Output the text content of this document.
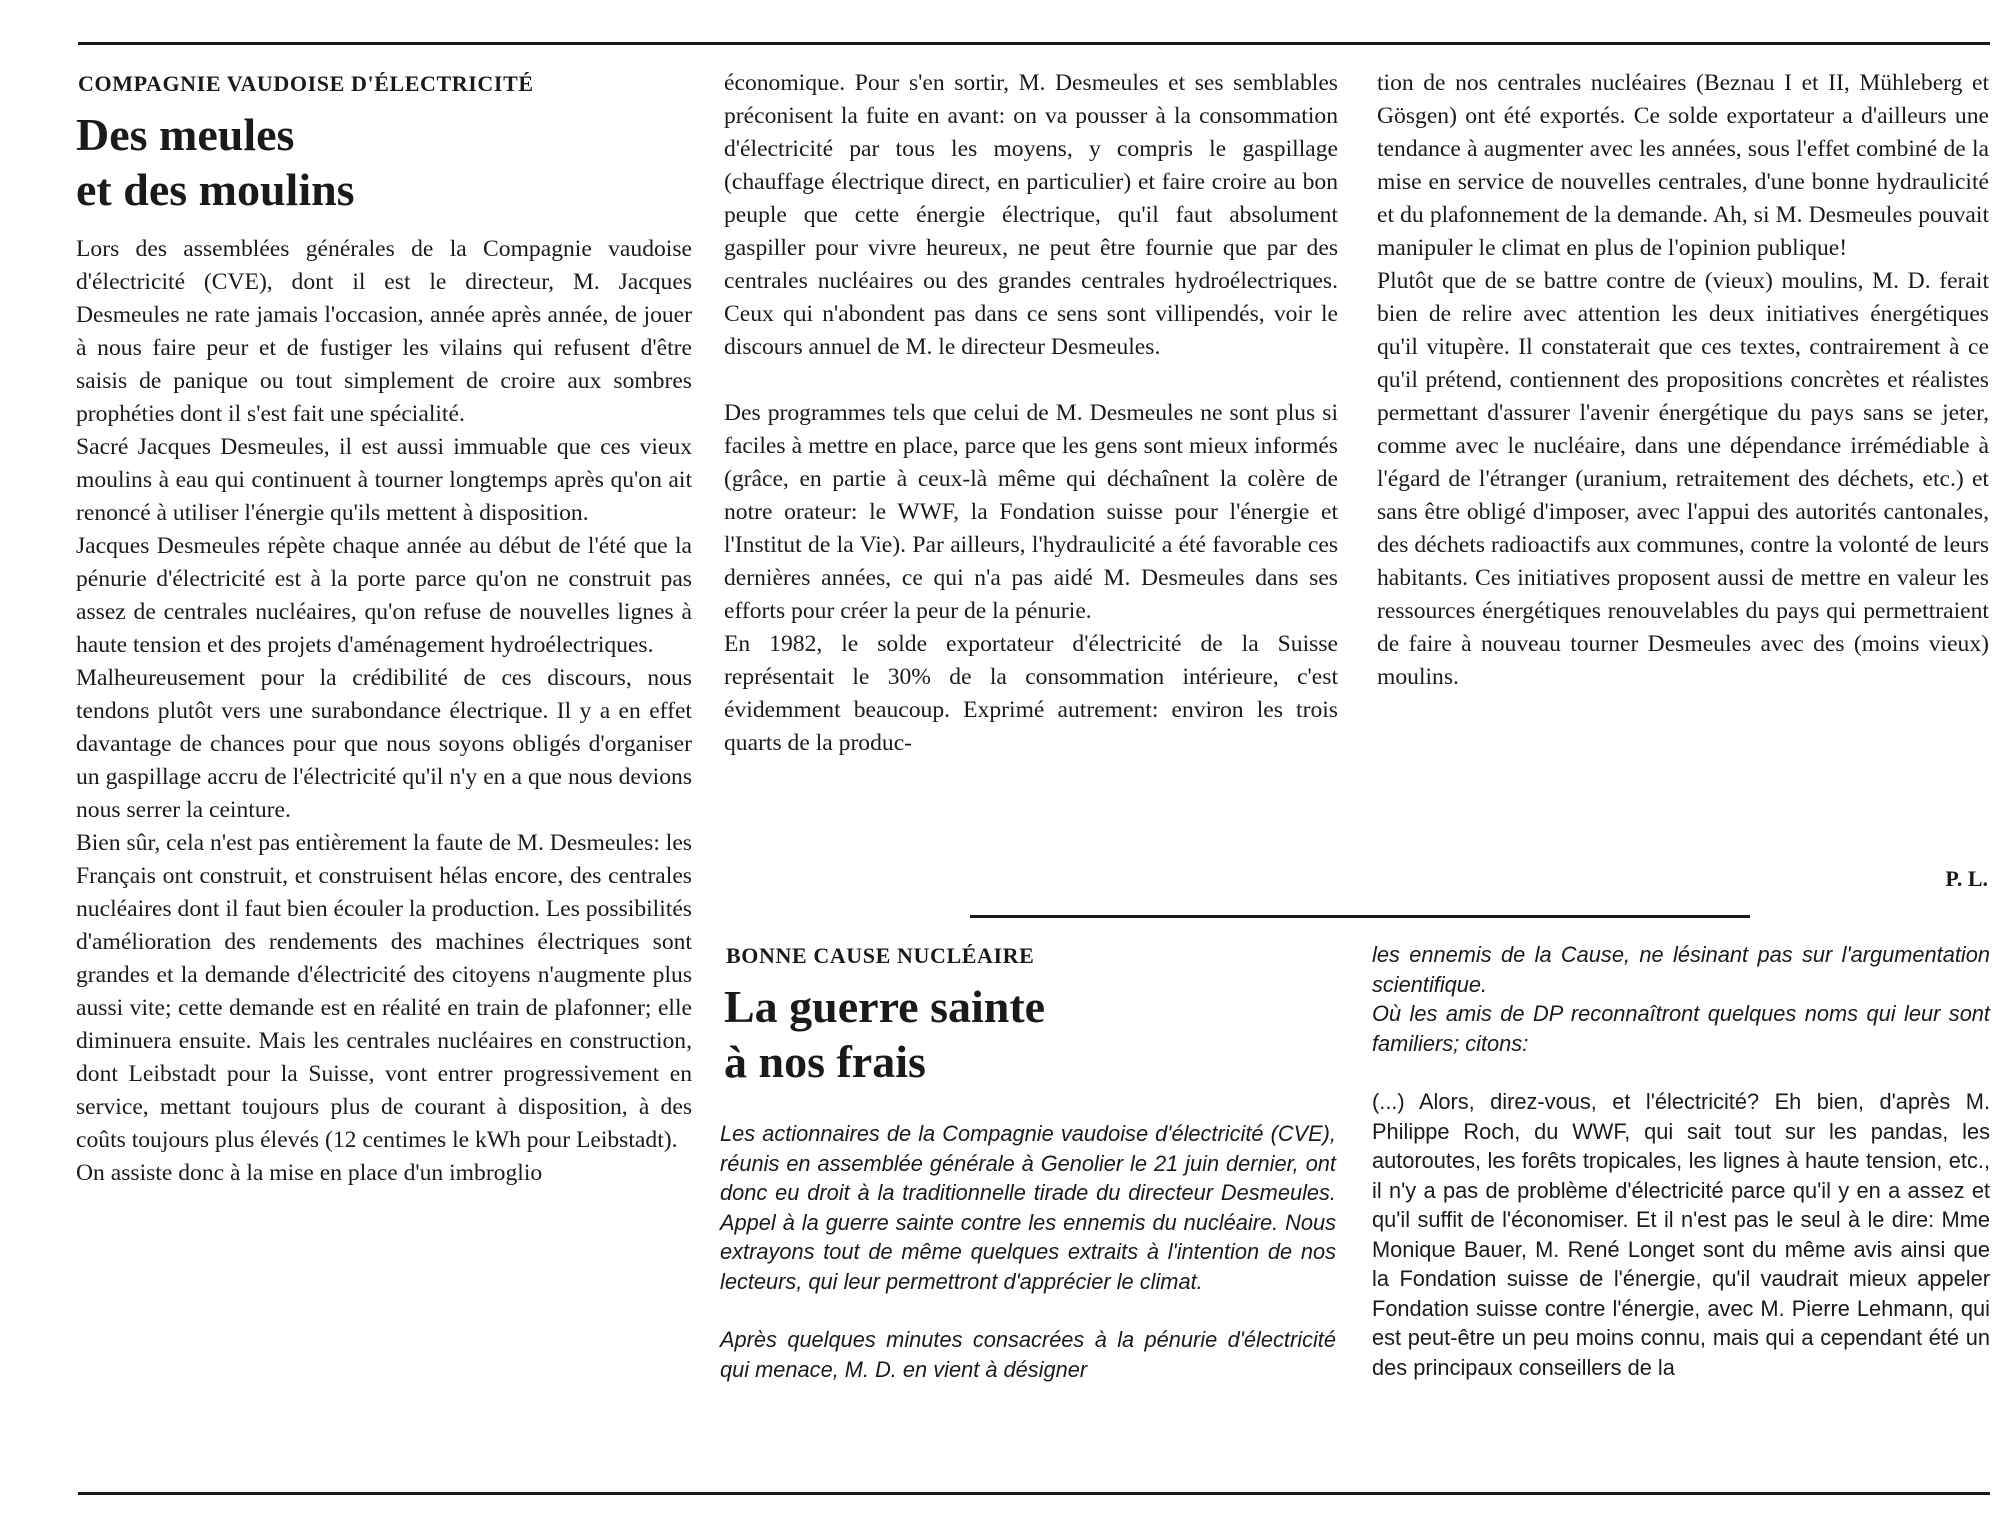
COMPAGNIE VAUDOISE D'ÉLECTRICITÉ
Des meules
et des moulins

Lors des assemblées générales de la Compagnie vaudoise d'électricité (CVE), dont il est le directeur, M. Jacques Desmeules ne rate jamais l'occasion, année après année, de jouer à nous faire peur et de fustiger les vilains qui refusent d'être saisis de panique ou tout simplement de croire aux sombres prophéties dont il s'est fait une spécialité.

Sacré Jacques Desmeules, il est aussi immuable que ces vieux moulins à eau qui continuent à tourner longtemps après qu'on ait renoncé à utiliser l'énergie qu'ils mettent à disposition.

Jacques Desmeules répète chaque année au début de l'été que la pénurie d'électricité est à la porte parce qu'on ne construit pas assez de centrales nucléaires, qu'on refuse de nouvelles lignes à haute tension et des projets d'aménagement hydroélectriques.

Malheureusement pour la crédibilité de ces discours, nous tendons plutôt vers une surabondance électrique. Il y a en effet davantage de chances pour que nous soyons obligés d'organiser un gaspillage accru de l'électricité qu'il n'y en a que nous devions nous serrer la ceinture.

Bien sûr, cela n'est pas entièrement la faute de M. Desmeules: les Français ont construit, et construisent hélas encore, des centrales nucléaires dont il faut bien écouler la production. Les possibilités d'amélioration des rendements des machines électriques sont grandes et la demande d'électricité des citoyens n'augmente plus aussi vite; cette demande est en réalité en train de plafonner; elle diminuera ensuite. Mais les centrales nucléaires en construction, dont Leibstadt pour la Suisse, vont entrer progressivement en service, mettant toujours plus de courant à disposition, à des coûts toujours plus élevés (12 centimes le kWh pour Leibstadt).

On assiste donc à la mise en place d'un imbroglio

économique. Pour s'en sortir, M. Desmeules et ses semblables préconisent la fuite en avant: on va pousser à la consommation d'électricité par tous les moyens, y compris le gaspillage (chauffage électrique direct, en particulier) et faire croire au bon peuple que cette énergie électrique, qu'il faut absolument gaspiller pour vivre heureux, ne peut être fournie que par des centrales nucléaires ou des grandes centrales hydroélectriques. Ceux qui n'abondent pas dans ce sens sont villipendés, voir le discours annuel de M. le directeur Desmeules.

Des programmes tels que celui de M. Desmeules ne sont plus si faciles à mettre en place, parce que les gens sont mieux informés (grâce, en partie à ceux-là même qui déchaînent la colère de notre orateur: le WWF, la Fondation suisse pour l'énergie et l'Institut de la Vie). Par ailleurs, l'hydraulicité a été favorable ces dernières années, ce qui n'a pas aidé M. Desmeules dans ses efforts pour créer la peur de la pénurie.

En 1982, le solde exportateur d'électricité de la Suisse représentait le 30% de la consommation intérieure, c'est évidemment beaucoup. Exprimé autrement: environ les trois quarts de la produc-

tion de nos centrales nucléaires (Beznau I et II, Mühleberg et Gösgen) ont été exportés. Ce solde exportateur a d'ailleurs une tendance à augmenter avec les années, sous l'effet combiné de la mise en service de nouvelles centrales, d'une bonne hydraulicité et du plafonnement de la demande. Ah, si M. Desmeules pouvait manipuler le climat en plus de l'opinion publique!

Plutôt que de se battre contre de (vieux) moulins, M. D. ferait bien de relire avec attention les deux initiatives énergétiques qu'il vitupère. Il constaterait que ces textes, contrairement à ce qu'il prétend, contiennent des propositions concrètes et réalistes permettant d'assurer l'avenir énergétique du pays sans se jeter, comme avec le nucléaire, dans une dépendance irrémédiable à l'égard de l'étranger (uranium, retraitement des déchets, etc.) et sans être obligé d'imposer, avec l'appui des autorités cantonales, des déchets radioactifs aux communes, contre la volonté de leurs habitants. Ces initiatives proposent aussi de mettre en valeur les ressources énergétiques renouvelables du pays qui permettraient de faire à nouveau tourner Desmeules avec des (moins vieux) moulins.

P. L.
BONNE CAUSE NUCLÉAIRE
La guerre sainte
à nos frais

Les actionnaires de la Compagnie vaudoise d'électricité (CVE), réunis en assemblée générale à Genolier le 21 juin dernier, ont donc eu droit à la traditionnelle tirade du directeur Desmeules. Appel à la guerre sainte contre les ennemis du nucléaire. Nous extrayons tout de même quelques extraits à l'intention de nos lecteurs, qui leur permettront d'apprécier le climat.

Après quelques minutes consacrées à la pénurie d'électricité qui menace, M. D. en vient à désigner

les ennemis de la Cause, ne lésinant pas sur l'argumentation scientifique.

Où les amis de DP reconnaîtront quelques noms qui leur sont familiers; citons:

(...) Alors, direz-vous, et l'électricité? Eh bien, d'après M. Philippe Roch, du WWF, qui sait tout sur les pandas, les autoroutes, les forêts tropicales, les lignes à haute tension, etc., il n'y a pas de problème d'électricité parce qu'il y en a assez et qu'il suffit de l'économiser. Et il n'est pas le seul à le dire: Mme Monique Bauer, M. René Longet sont du même avis ainsi que la Fondation suisse de l'énergie, qu'il vaudrait mieux appeler Fondation suisse contre l'énergie, avec M. Pierre Lehmann, qui est peut-être un peu moins connu, mais qui a cependant été un des principaux conseillers de la
